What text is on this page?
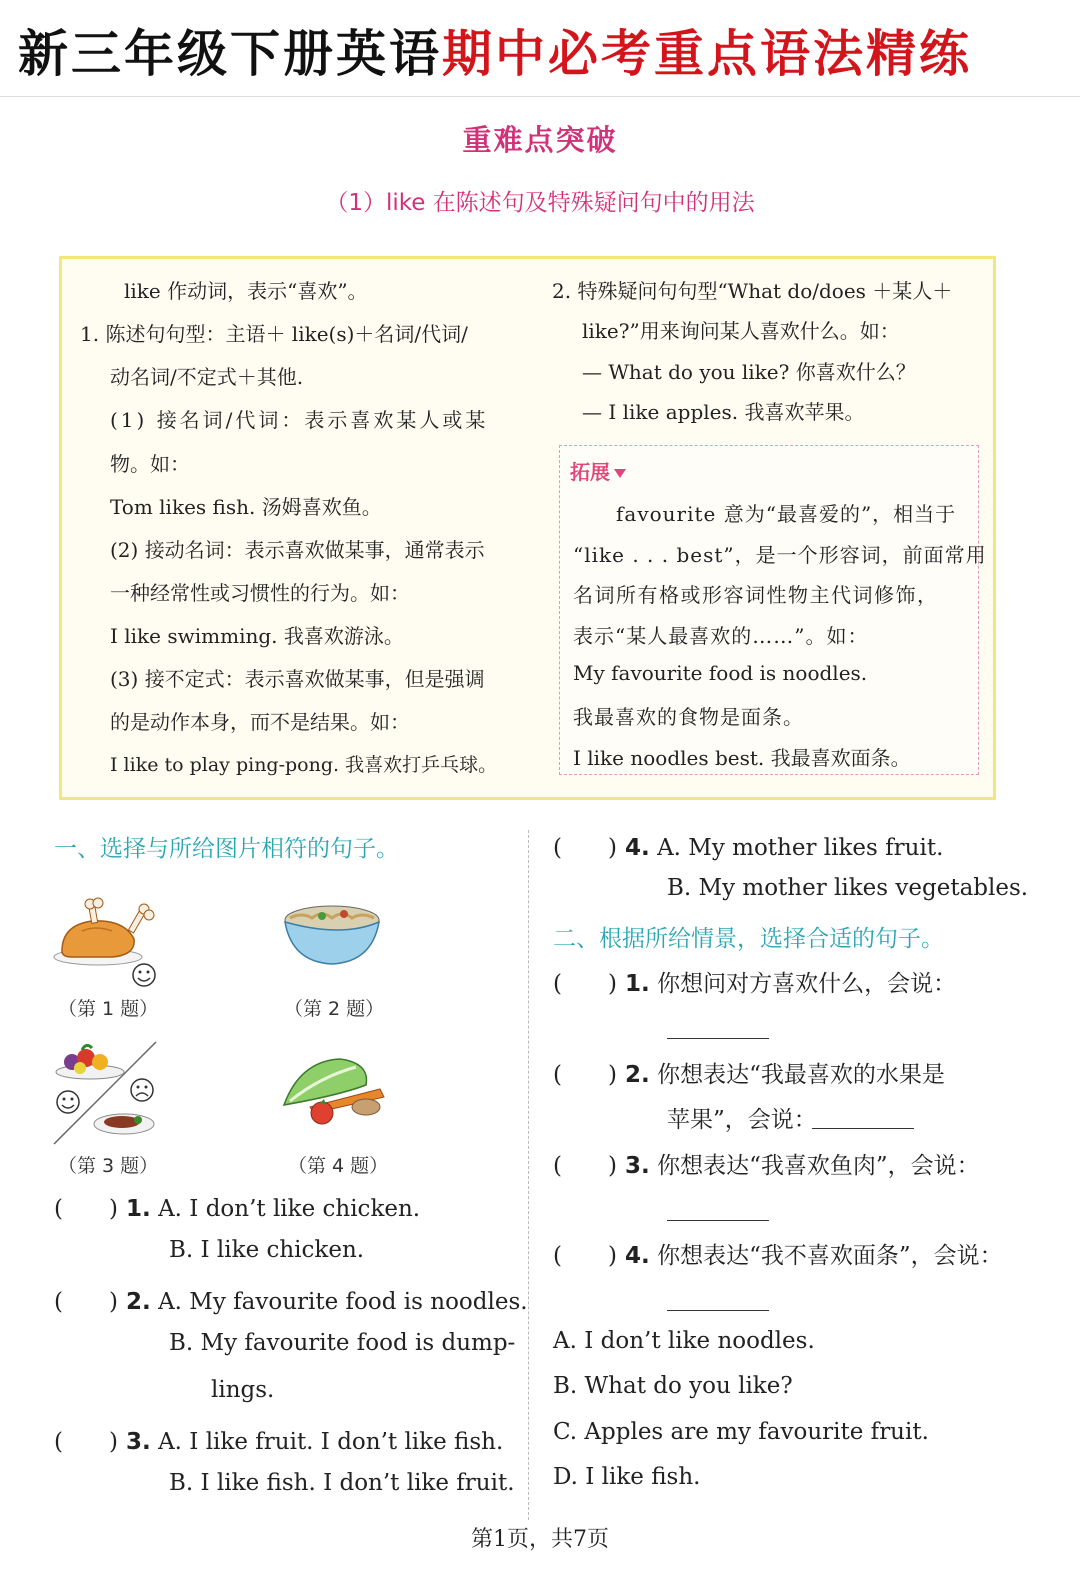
新三年级下册英语期中必考重点语法精练
重难点突破
（1）like 在陈述句及特殊疑问句中的用法
like 作动词，表示“喜欢”。
1. 陈述句句型：主语＋ like(s)＋名词/代词/
动名词/不定式＋其他.
(1) 接名词/代词：表示喜欢某人或某
物。如：
Tom likes fish. 汤姆喜欢鱼。
(2) 接动名词：表示喜欢做某事，通常表示
一种经常性或习惯性的行为。如：
I like swimming. 我喜欢游泳。
(3) 接不定式：表示喜欢做某事，但是强调
的是动作本身，而不是结果。如：
I like to play ping-pong. 我喜欢打乒乓球。
2. 特殊疑问句句型“What do/does ＋某人＋
like?”用来询问某人喜欢什么。如：
— What do you like? 你喜欢什么？
— I like apples. 我喜欢苹果。
拓展
favourite 意为“最喜爱的”，相当于
“like . . . best”，是一个形容词，前面常用
名词所有格或形容词性物主代词修饰，
表示“某人最喜欢的……”。如：
My favourite food is noodles.
我最喜欢的食物是面条。
I like noodles best. 我最喜欢面条。
一、选择与所给图片相符的句子。
（第 1 题）	（第 2 题）
（第 3 题）	（第 4 题）
(　　) 1. A. I don’t like chicken.
B. I like chicken.
(　　) 2. A. My favourite food is noodles.
B. My favourite food is dump-
lings.
(　　) 3. A. I like fruit. I don’t like fish.
B. I like fish. I don’t like fruit.
(　　) 4. A. My mother likes fruit.
B. My mother likes vegetables.
二、根据所给情景，选择合适的句子。
(　　) 1. 你想问对方喜欢什么，会说：
(　　) 2. 你想表达“我最喜欢的水果是
苹果”，会说：
(　　) 3. 你想表达“我喜欢鱼肉”，会说：
(　　) 4. 你想表达“我不喜欢面条”，会说：
A. I don’t like noodles.
B. What do you like?
C. Apples are my favourite fruit.
D. I like fish.
第1页，共7页
